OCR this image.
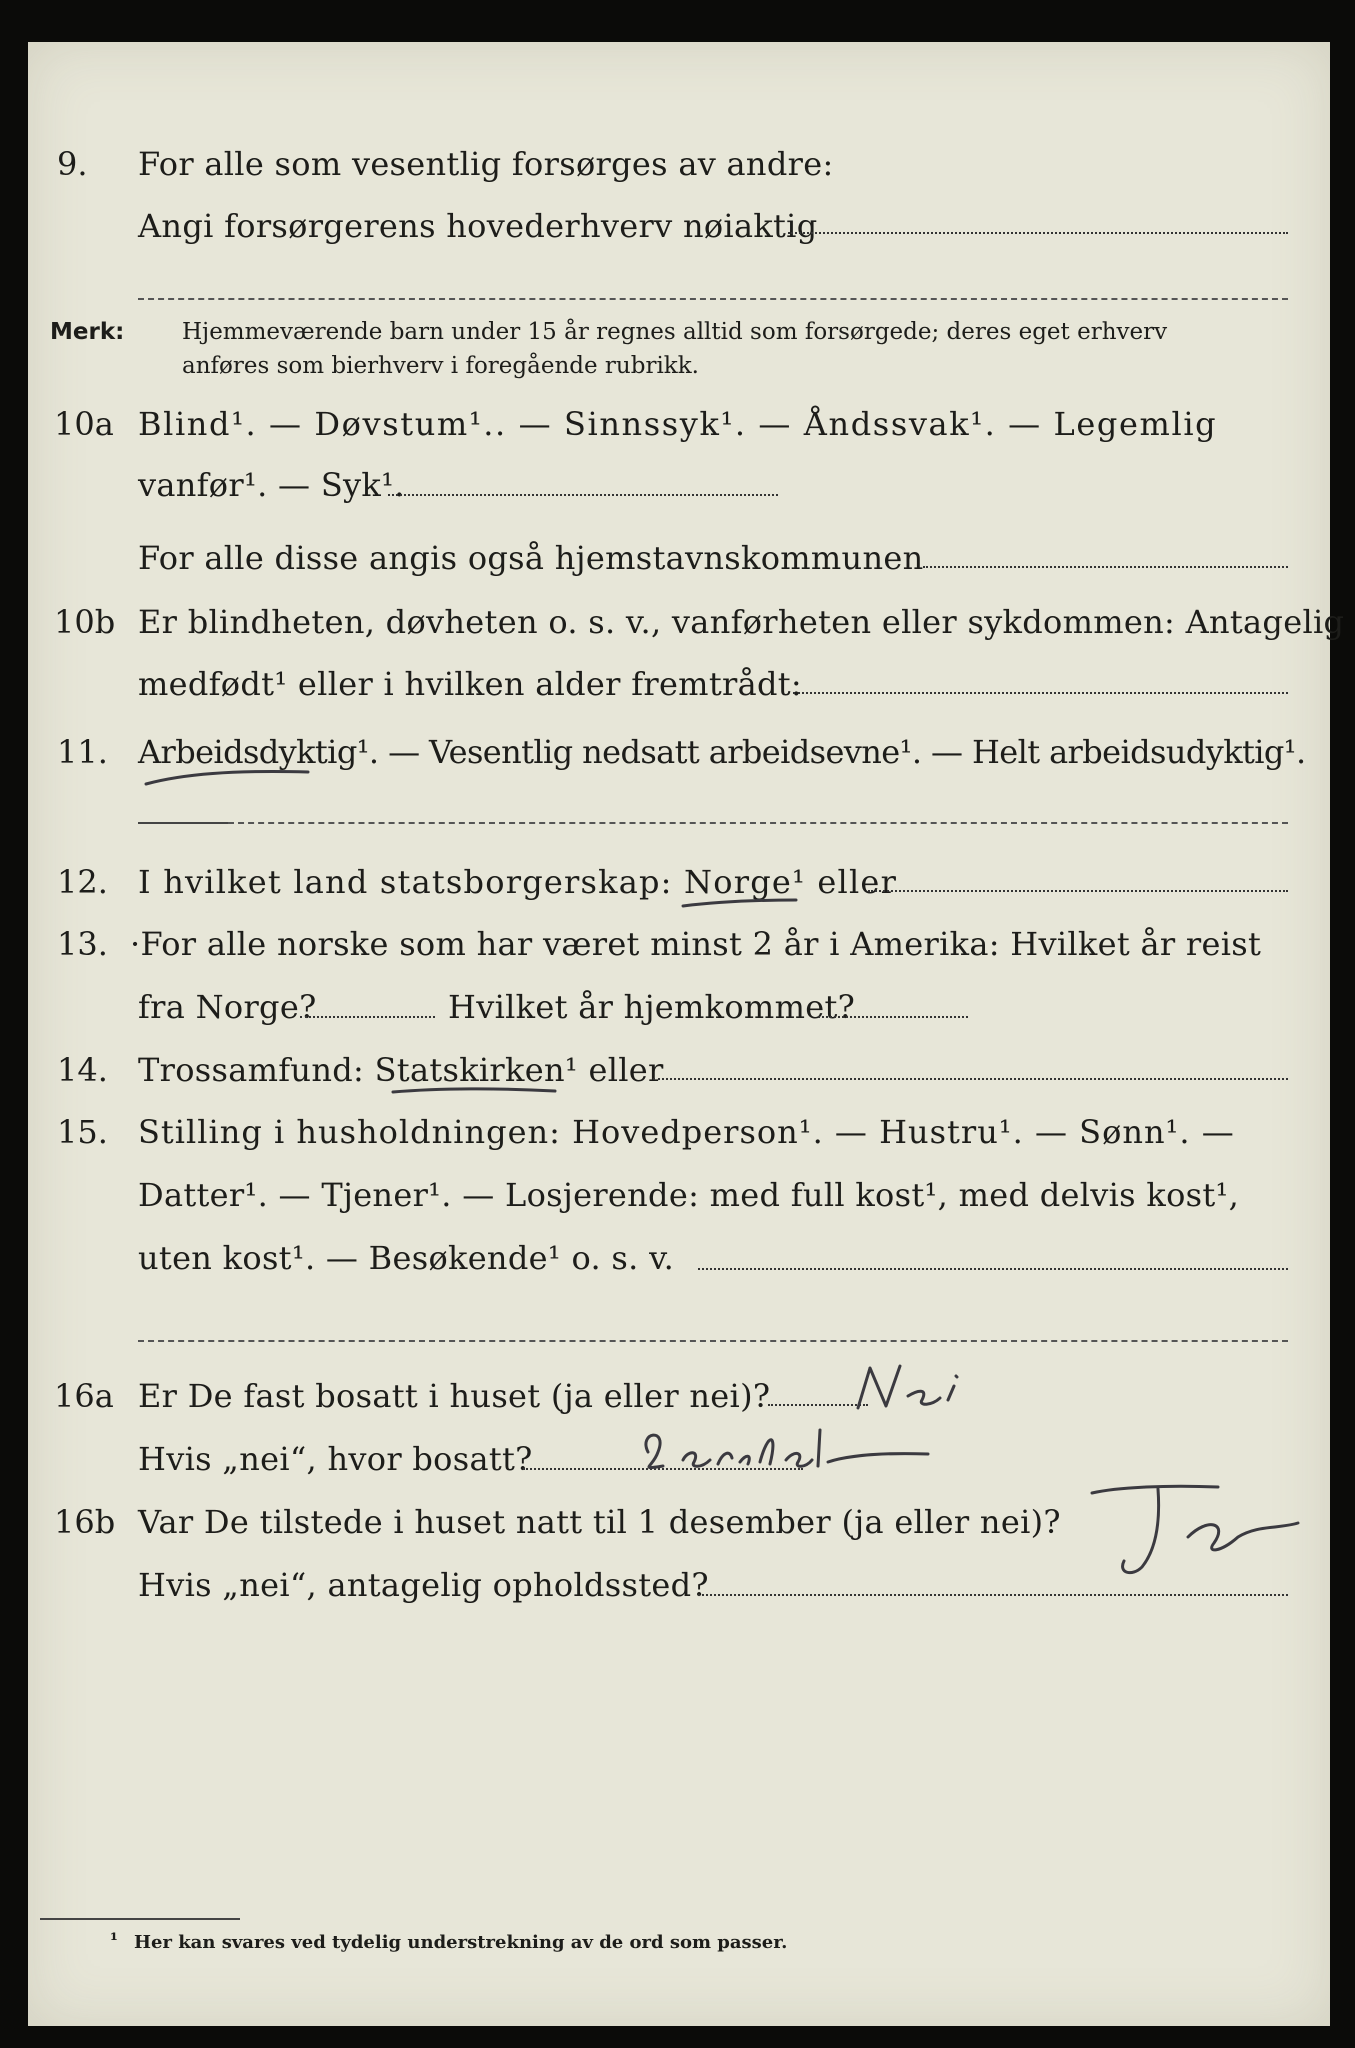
9. For alle som vesentlig forsørges av andre:
Angi forsørgerens hovederhverv nøiaktig
Merk:	Hjemmeværende barn under 15 år regnes alltid som forsørgede; deres eget erhverv
anføres som bierhverv i foregående rubrikk.
10a Blind¹. — Døvstum¹.. — Sinnssyk¹. — Åndssvak¹. — Legemlig
vanfør¹. — Syk¹.
For alle disse angis også hjemstavnskommunen
10b Er blindheten, døvheten o. s. v., vanførheten eller sykdommen: Antagelig
medfødt¹ eller i hvilken alder fremtrådt:
11. Arbeidsdyktig¹. — Vesentlig nedsatt arbeidsevne¹. — Helt arbeidsudyktig¹.
12. I hvilket land statsborgerskap: Norge¹ eller
13. ·For alle norske som har været minst 2 år i Amerika: Hvilket år reist
fra Norge?	Hvilket år hjemkommet?
14. Trossamfund: Statskirken¹ eller
15. Stilling i husholdningen: Hovedperson¹. — Hustru¹. — Sønn¹. —
Datter¹. — Tjener¹. — Losjerende: med full kost¹, med delvis kost¹,
uten kost¹. — Besøkende¹ o. s. v.
16a Er De fast bosatt i huset (ja eller nei)?
Hvis „nei“, hvor bosatt?
16b Var De tilstede i huset natt til 1 desember (ja eller nei)?
Hvis „nei“, antagelig opholdssted?
¹ Her kan svares ved tydelig understrekning av de ord som passer.
